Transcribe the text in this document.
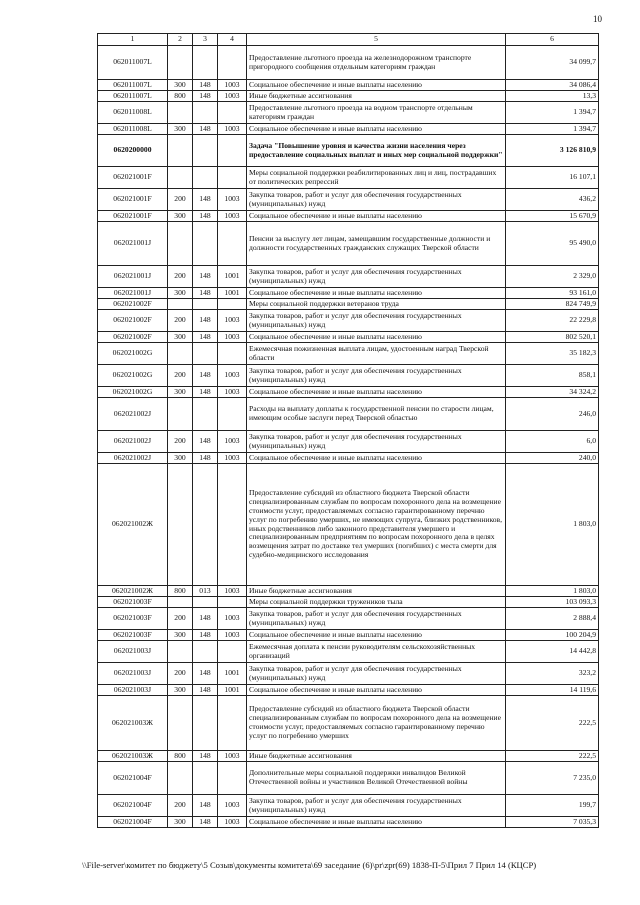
10
1	2	3	4	5	6
062011007L				Предоставление льготного проезда на железнодорожном транспорте пригородного сообщения отдельным категориям граждан	34 099,7
062011007L	300	148	1003	Социальное обеспечение и иные выплаты населению	34 086,4
062011007L	800	148	1003	Иные бюджетные ассигнования	13,3
062011008L				Предоставление льготного проезда на водном транспорте отдельным категориям граждан	1 394,7
062011008L	300	148	1003	Социальное обеспечение и иные выплаты населению	1 394,7
0620200000				Задача "Повышение уровня и качества жизни населения через предоставление социальных выплат и иных мер социальной поддержки"	3 126 810,9
062021001F				Меры социальной поддержки реабилитированных лиц и лиц, пострадавших от политических репрессий	16 107,1
062021001F	200	148	1003	Закупка товаров, работ и услуг для обеспечения государственных (муниципальных) нужд	436,2
062021001F	300	148	1003	Социальное обеспечение и иные выплаты населению	15 670,9
062021001J				Пенсии за выслугу лет лицам, замещавшим государственные должности и должности государственных гражданских служащих Тверской области	95 490,0
062021001J	200	148	1001	Закупка товаров, работ и услуг для обеспечения государственных (муниципальных) нужд	2 329,0
062021001J	300	148	1001	Социальное обеспечение и иные выплаты населению	93 161,0
062021002F				Меры социальной поддержки ветеранов труда	824 749,9
062021002F	200	148	1003	Закупка товаров, работ и услуг для обеспечения государственных (муниципальных) нужд	22 229,8
062021002F	300	148	1003	Социальное обеспечение и иные выплаты населению	802 520,1
062021002G				Ежемесячная пожизненная выплата лицам, удостоенным наград Тверской области	35 182,3
062021002G	200	148	1003	Закупка товаров, работ и услуг для обеспечения государственных (муниципальных) нужд	858,1
062021002G	300	148	1003	Социальное обеспечение и иные выплаты населению	34 324,2
062021002J				Расходы на выплату доплаты к государственной пенсии по старости лицам, имеющим особые заслуги перед Тверской областью	246,0
062021002J	200	148	1003	Закупка товаров, работ и услуг для обеспечения государственных (муниципальных) нужд	6,0
062021002J	300	148	1003	Социальное обеспечение и иные выплаты населению	240,0
062021002Ж				Предоставление субсидий из областного бюджета Тверской области специализированным службам по вопросам похоронного дела на возмещение стоимости услуг, предоставляемых согласно гарантированному перечню услуг по погребению умерших, не имеющих супруга, близких родственников, иных родственников либо законного представителя умершего и специализированным предприятиям по вопросам похоронного дела в целях возмещения затрат по доставке тел умерших (погибших) с места смерти для судебно-медицинского исследования	1 803,0
062021002Ж	800	013	1003	Иные бюджетные ассигнования	1 803,0
062021003F				Меры социальной поддержки тружеников тыла	103 093,3
062021003F	200	148	1003	Закупка товаров, работ и услуг для обеспечения государственных (муниципальных) нужд	2 888,4
062021003F	300	148	1003	Социальное обеспечение и иные выплаты населению	100 204,9
062021003J				Ежемесячная доплата к пенсии руководителям сельскохозяйственных организаций	14 442,8
062021003J	200	148	1001	Закупка товаров, работ и услуг для обеспечения государственных (муниципальных) нужд	323,2
062021003J	300	148	1001	Социальное обеспечение и иные выплаты населению	14 119,6
062021003Ж				Предоставление субсидий из областного бюджета Тверской области специализированным службам по вопросам похоронного дела на возмещение стоимости услуг, предоставляемых согласно гарантированному перечню услуг по погребению умерших	222,5
062021003Ж	800	148	1003	Иные бюджетные ассигнования	222,5
062021004F				Дополнительные меры социальной поддержки инвалидов Великой Отечественной войны и участников Великой Отечественной войны	7 235,0
062021004F	200	148	1003	Закупка товаров, работ и услуг для обеспечения государственных (муниципальных) нужд	199,7
062021004F	300	148	1003	Социальное обеспечение и иные выплаты населению	7 035,3
\\File-server\комитет по бюджету\5 Созыв\документы комитета\69 заседание (6)\pr\zpr(69) 1838-П-5\Прил 7 Прил 14 (КЦСР)
